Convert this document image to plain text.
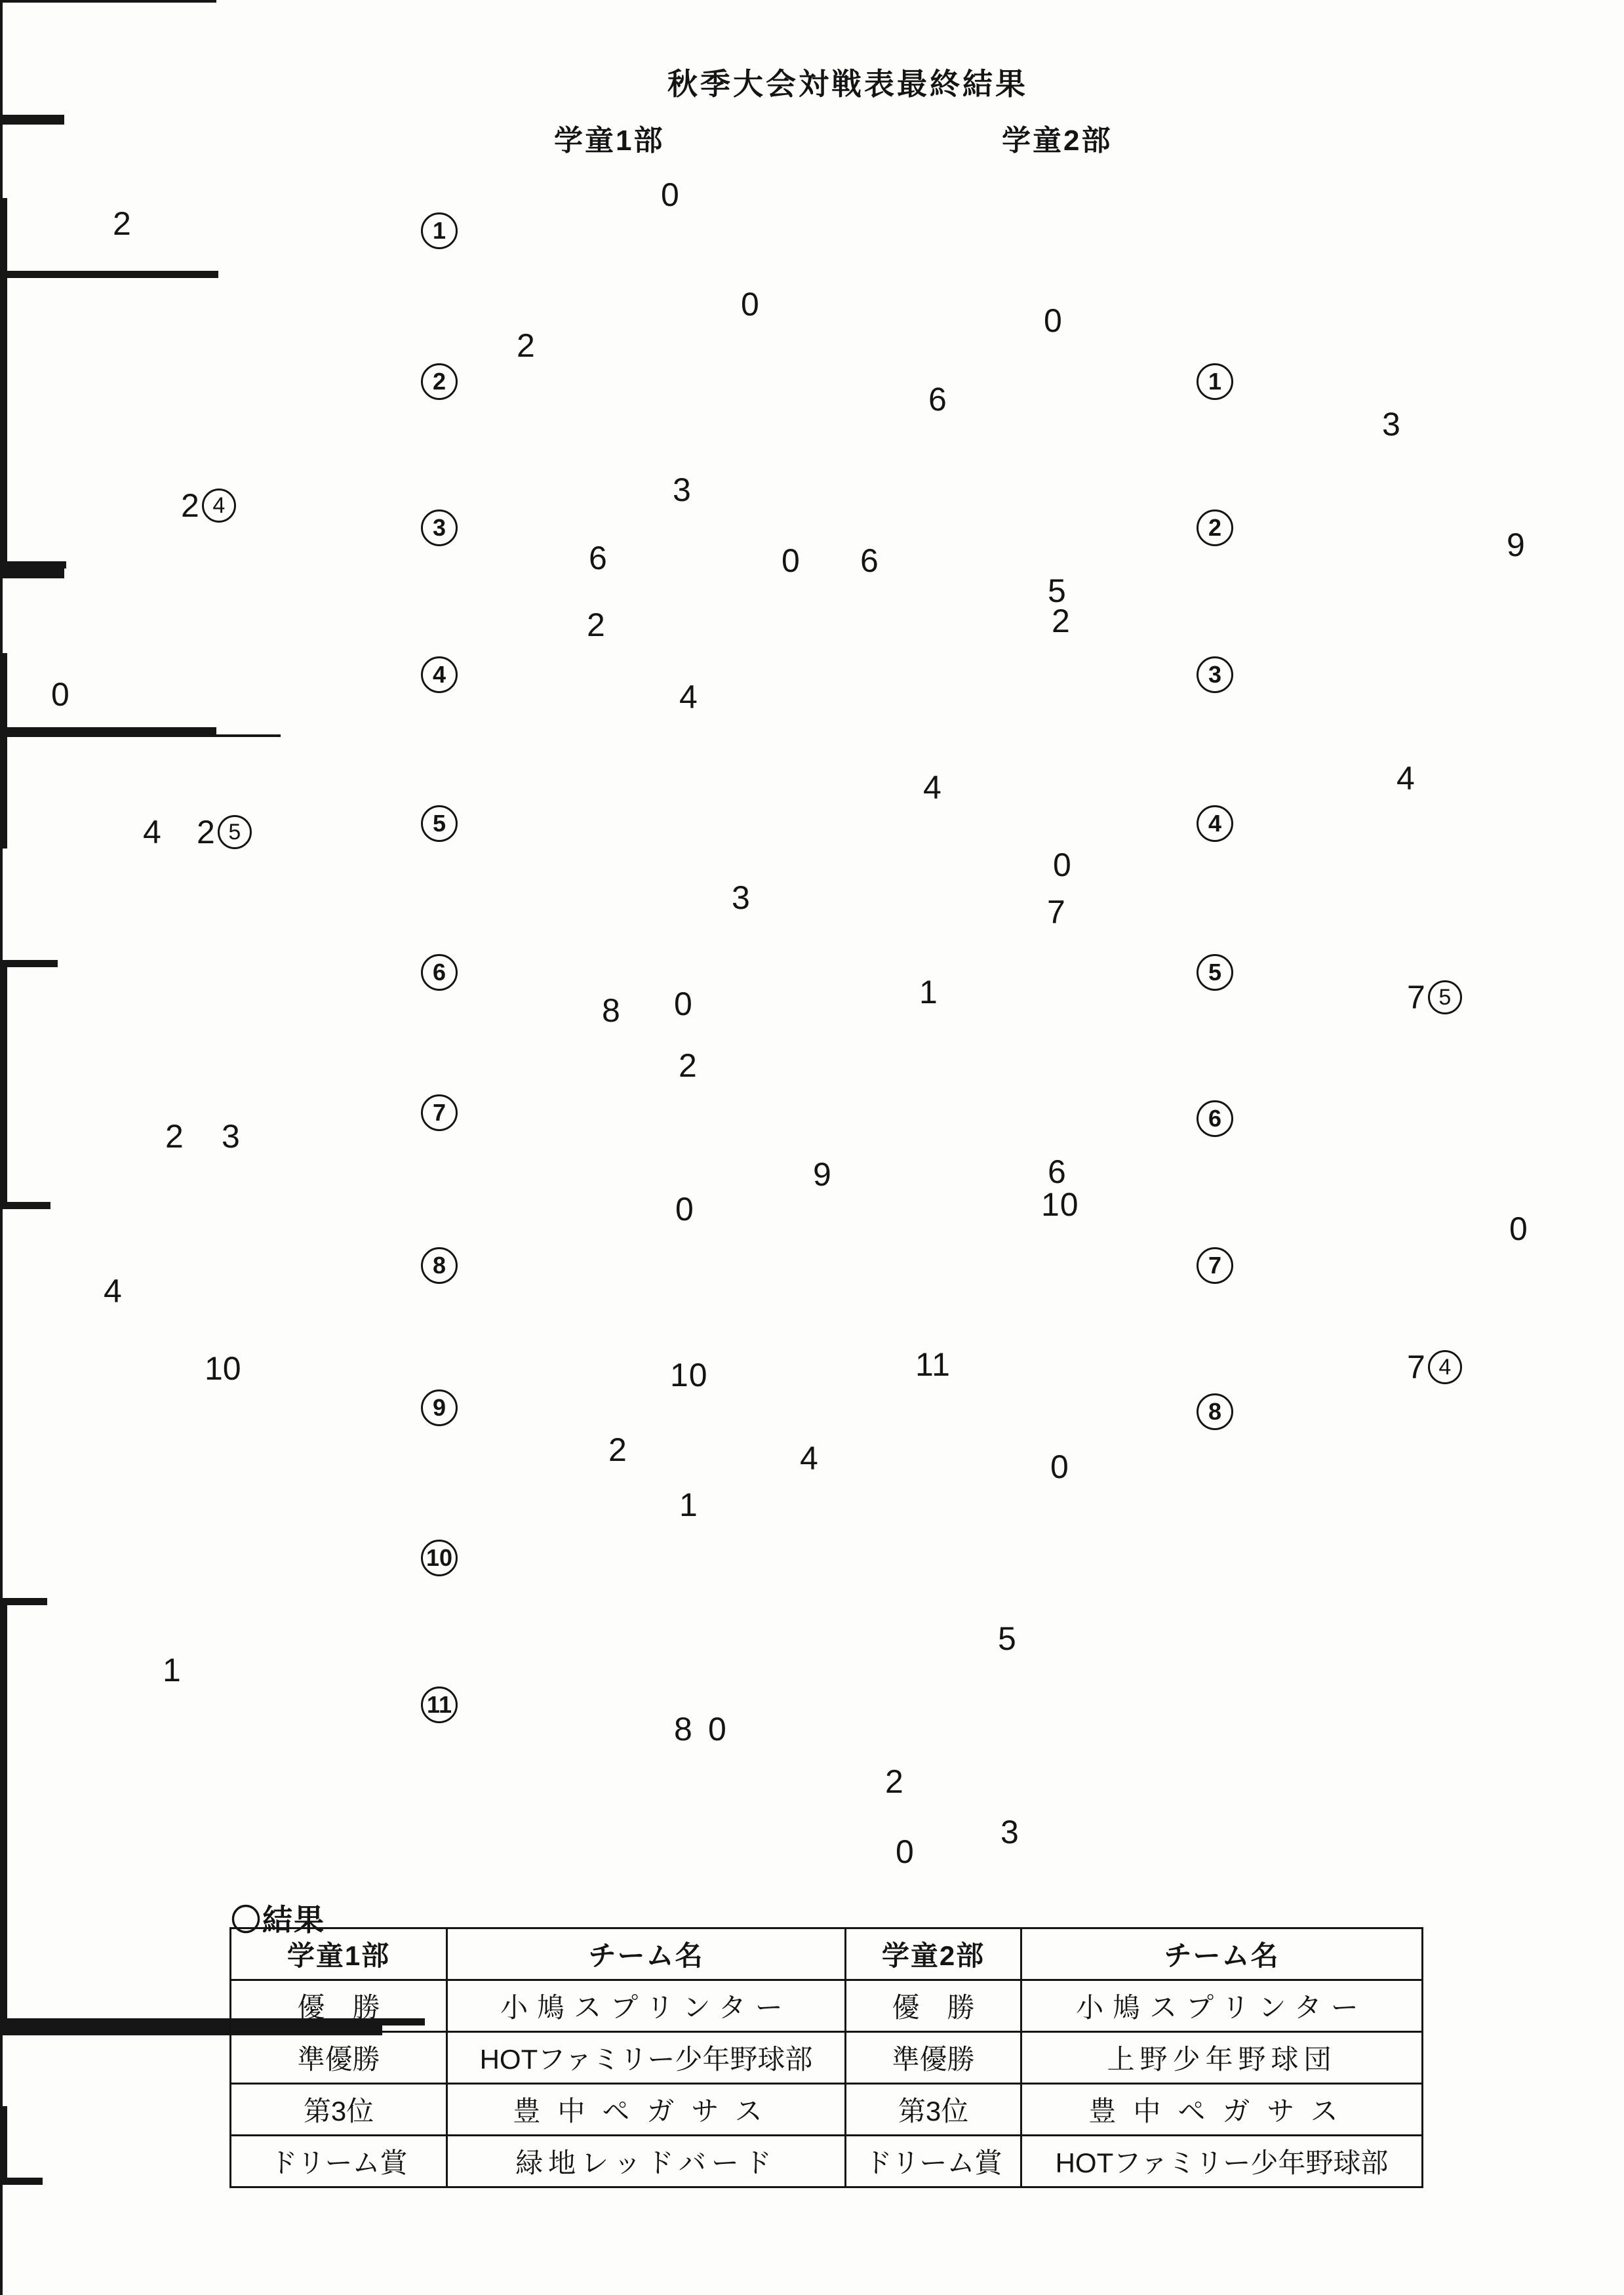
秋季大会対戦表最終結果
学童1部	学童2部
〇結果
学童1部	チーム名	学童2部	チーム名
優　勝	小鳩スプリンター	優　勝	小鳩スプリンター
準優勝	HOTファミリー少年野球部	準優勝	上野少年野球団
第3位	豊中ペガサス	第3位	豊中ペガサス
ドリーム賞	緑地レッドバード	ドリーム賞	HOTファミリー少年野球部
1
2
3
4
5
6
7
8
9
10
11
1
2
3
4
5
6
7
8
0
2
3
6
0
2
4
3
8
0 6
0
2
9
0
10
2
1
0
4
0
5
6
2
4
0
7
6
1
10
11
0
9
4
0
8
2
0
5
3
2
2 4
0
4 2 5
2 3
4
10
1
3
7 5
7 4
